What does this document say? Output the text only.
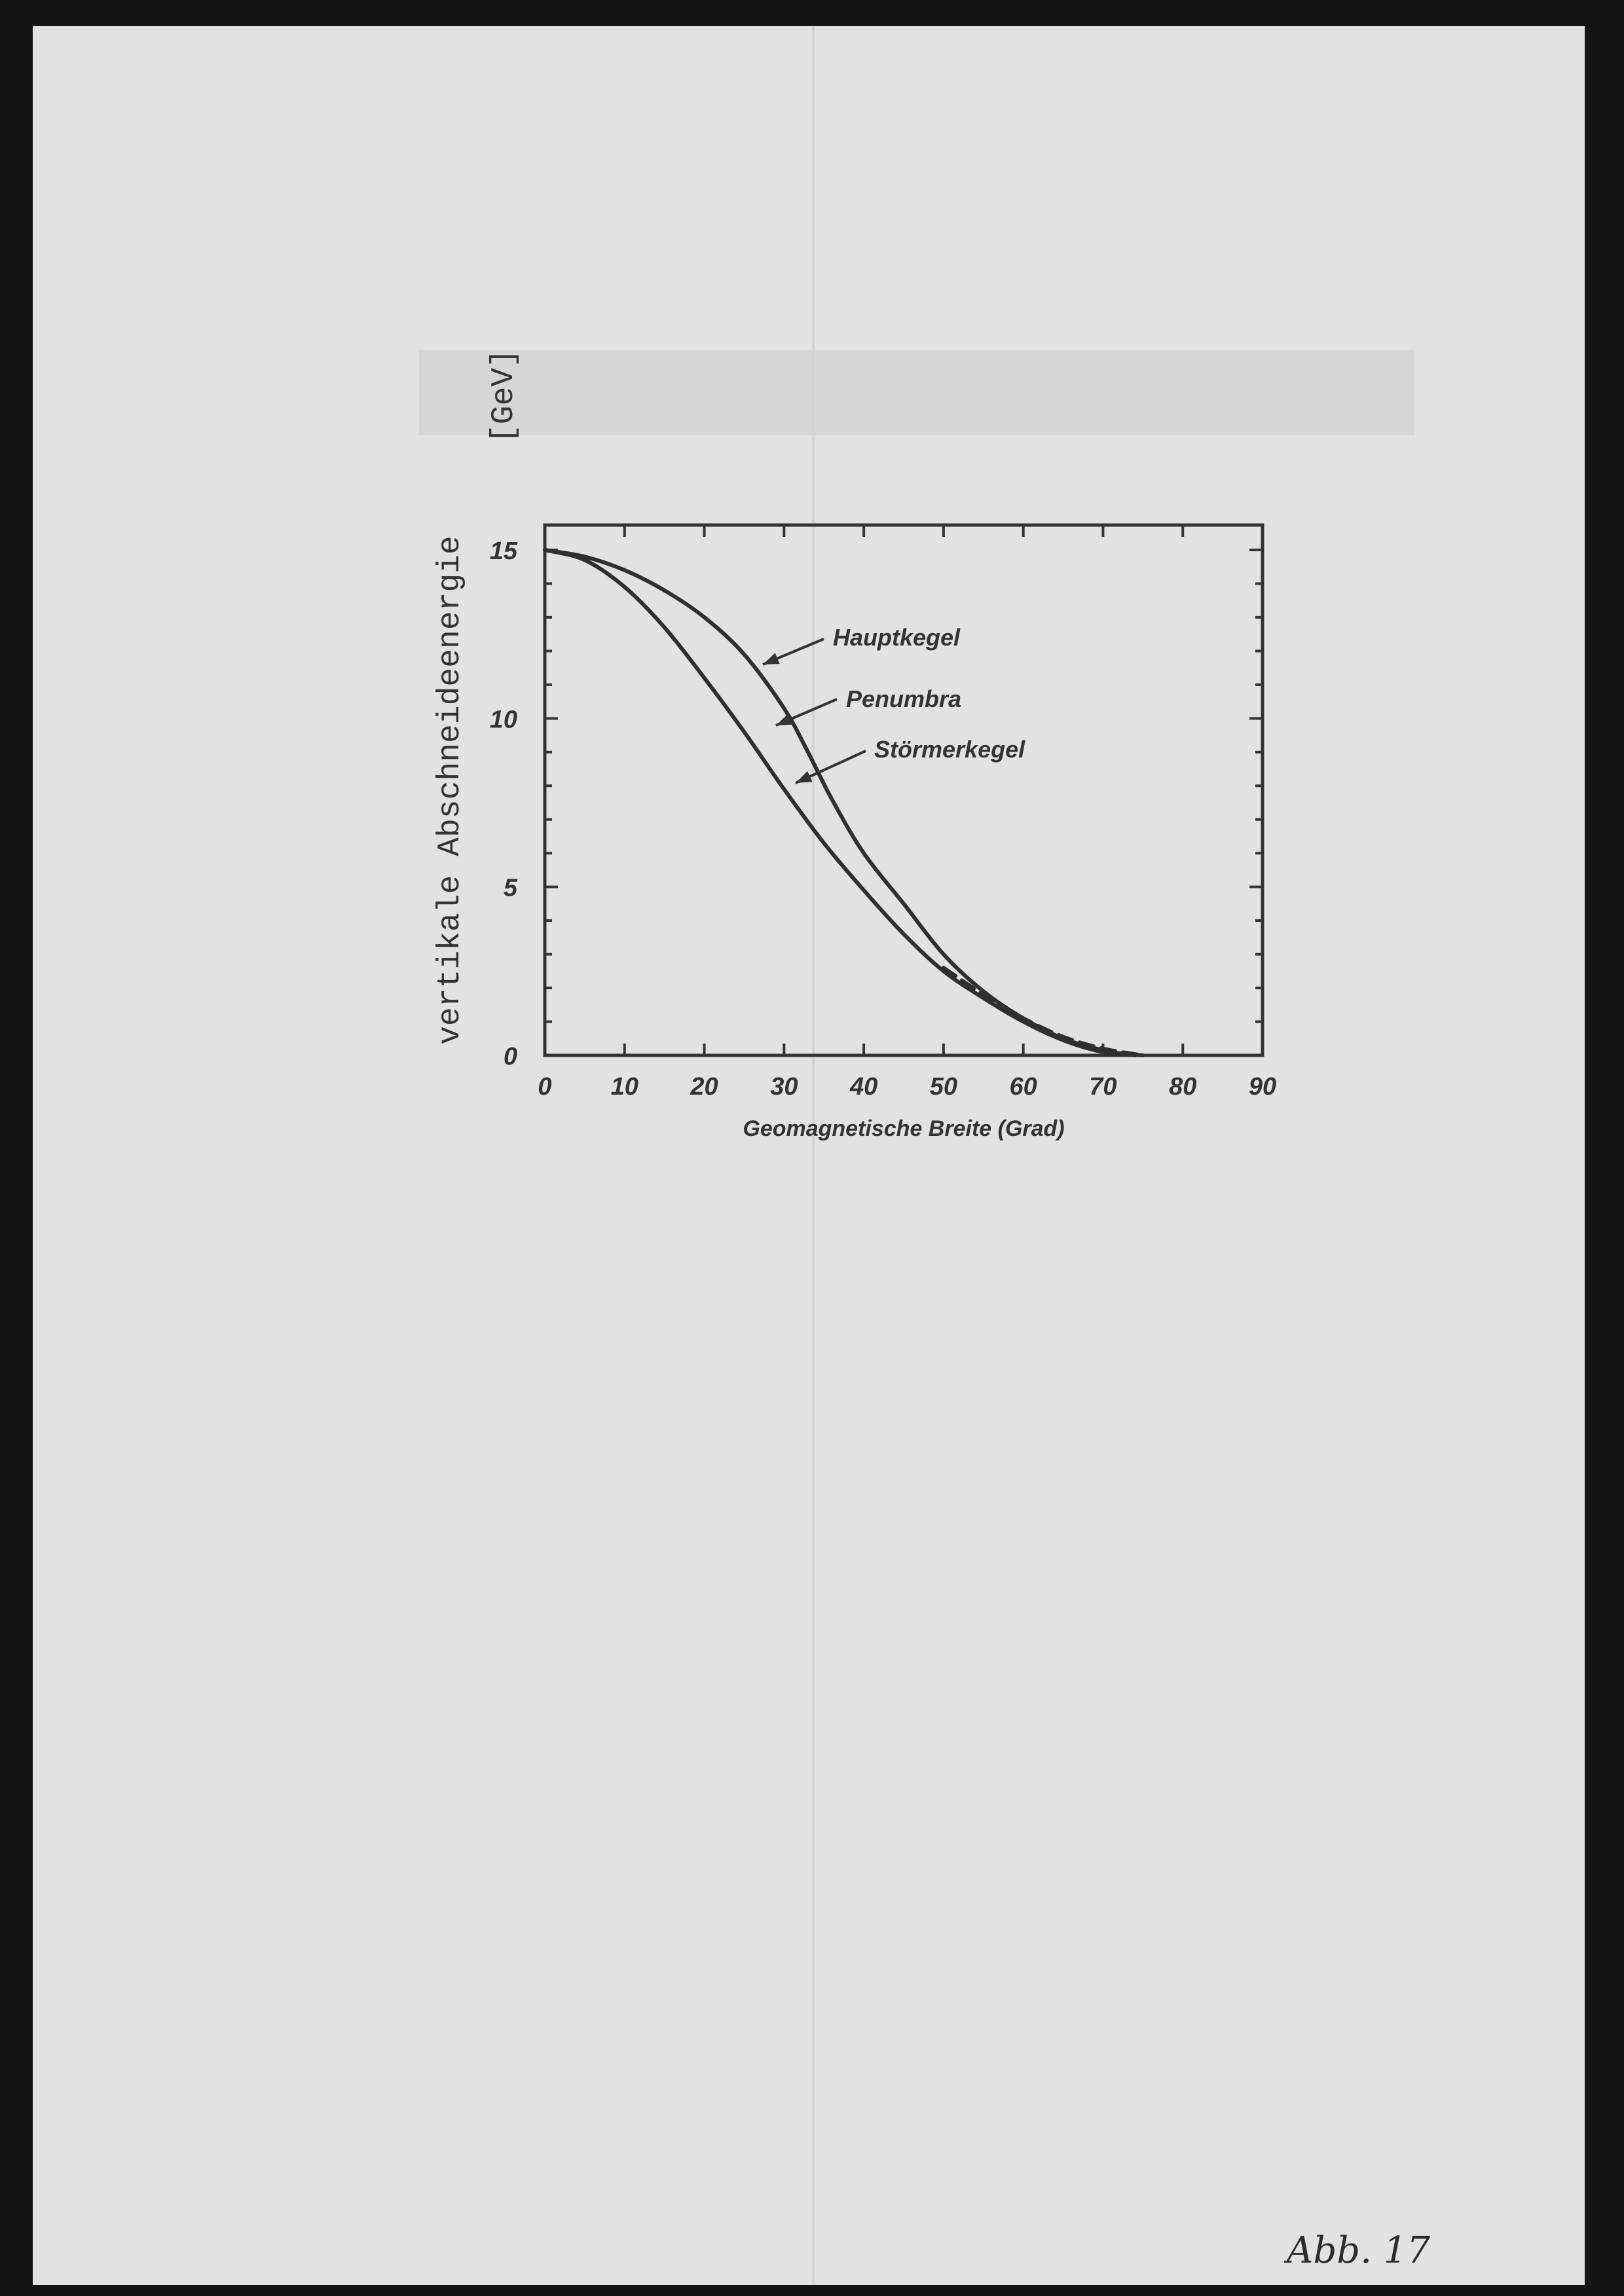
0 10 20 30 40 50 60 70 80 90
0
5
10
15
Hauptkegel
Penumbra
Störmerkegel
Geomagnetische Breite (Grad)
vertikale Abschneideenergie
[GeV]
Abb. 17
